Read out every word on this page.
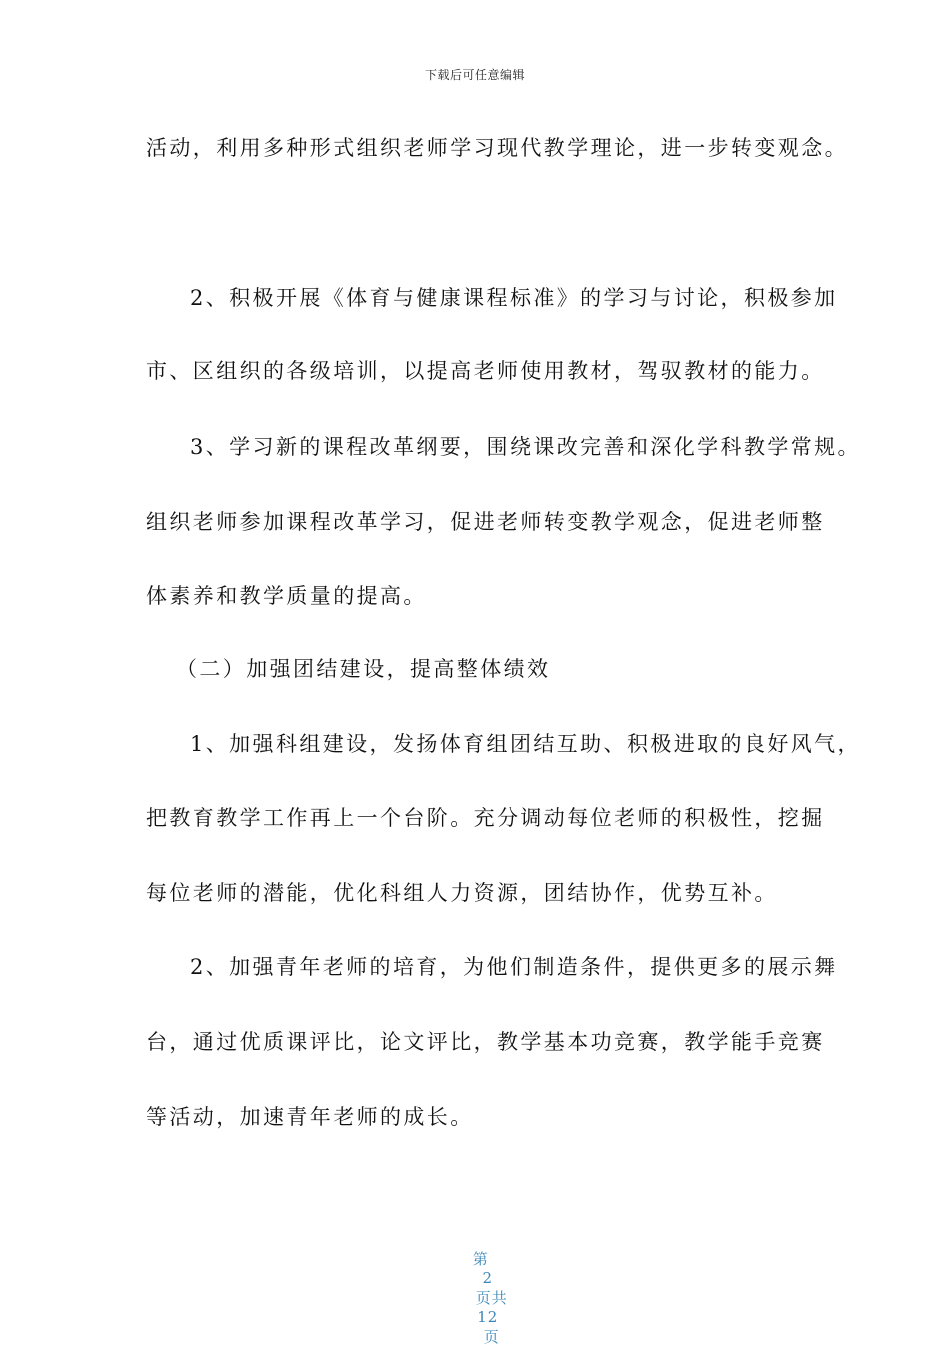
下载后可任意编辑
活动，利用多种形式组织老师学习现代教学理论，进一步转变观念。
2、积极开展《体育与健康课程标准》的学习与讨论，积极参加
市、区组织的各级培训，以提高老师使用教材，驾驭教材的能力。
3、学习新的课程改革纲要，围绕课改完善和深化学科教学常规。
组织老师参加课程改革学习，促进老师转变教学观念，促进老师整
体素养和教学质量的提高。
（二）加强团结建设，提高整体绩效
1、加强科组建设，发扬体育组团结互助、积极进取的良好风气，
把教育教学工作再上一个台阶。充分调动每位老师的积极性，挖掘
每位老师的潜能，优化科组人力资源，团结协作，优势互补。
2、加强青年老师的培育，为他们制造条件，提供更多的展示舞
台，通过优质课评比，论文评比，教学基本功竞赛，教学能手竞赛
等活动，加速青年老师的成长。

第
2
页共
12
页
